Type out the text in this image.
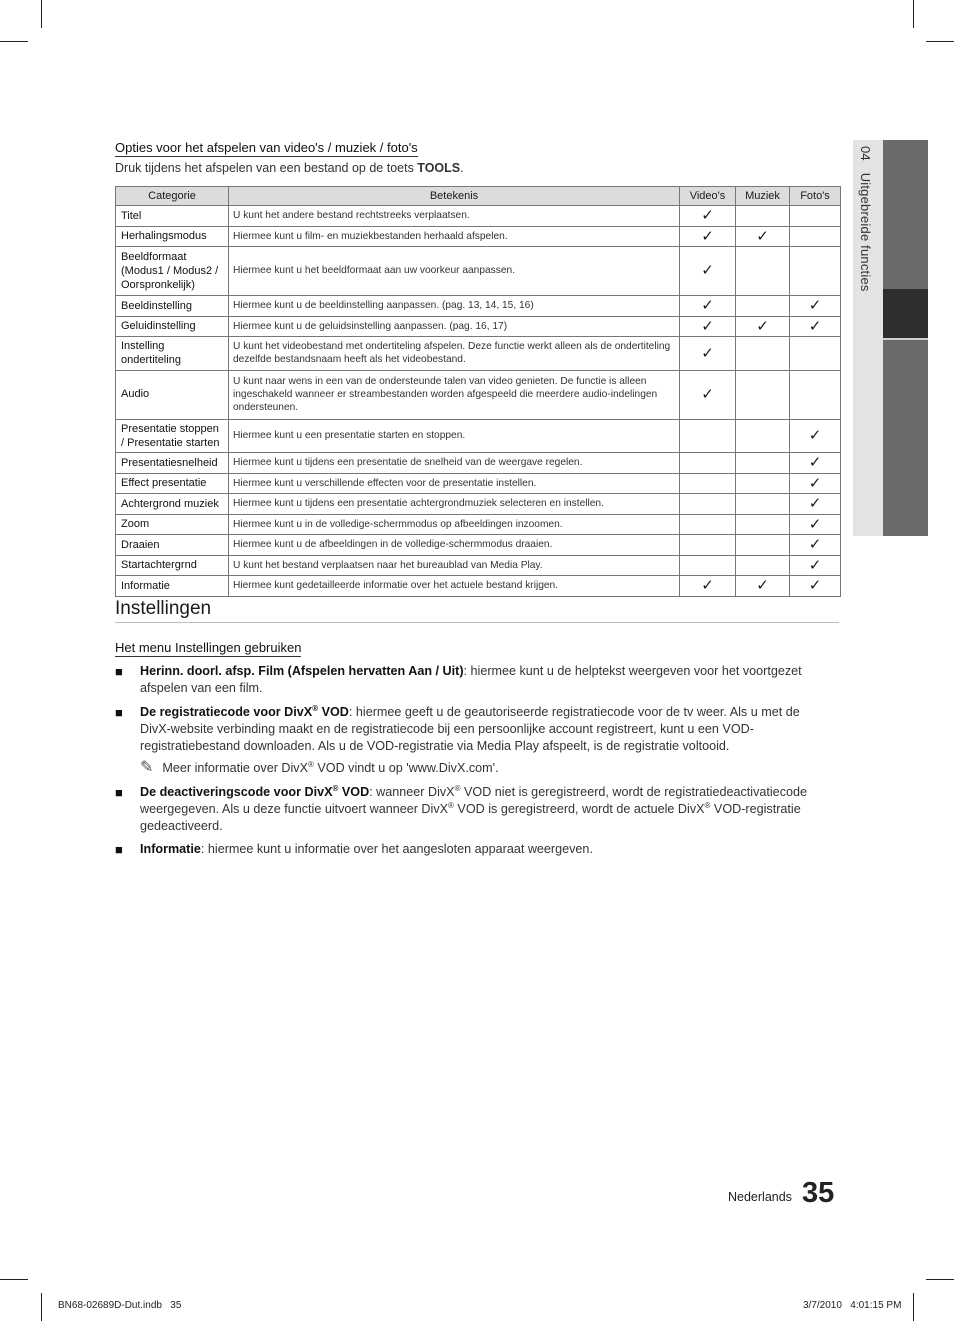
04 Uitgebreide functies
Opties voor het afspelen van video's / muziek / foto's
Druk tijdens het afspelen van een bestand op de toets TOOLS.
Categorie	Betekenis	Video's	Muziek	Foto's
Titel	U kunt het andere bestand rechtstreeks verplaatsen.	✓		
Herhalingsmodus	Hiermee kunt u film- en muziekbestanden herhaald afspelen.	✓	✓	
Beeldformaat (Modus1 / Modus2 / Oorspronkelijk)	Hiermee kunt u het beeldformaat aan uw voorkeur aanpassen.	✓		
Beeldinstelling	Hiermee kunt u de beeldinstelling aanpassen. (pag. 13, 14, 15, 16)	✓		✓
Geluidinstelling	Hiermee kunt u de geluidsinstelling aanpassen. (pag. 16, 17)	✓	✓	✓
Instelling ondertiteling	U kunt het videobestand met ondertiteling afspelen. Deze functie werkt alleen als de ondertiteling dezelfde bestandsnaam heeft als het videobestand.	✓		
Audio	U kunt naar wens in een van de ondersteunde talen van video genieten. De functie is alleen ingeschakeld wanneer er streambestanden worden afgespeeld die meerdere audio-indelingen ondersteunen.	✓		
Presentatie stoppen / Presentatie starten	Hiermee kunt u een presentatie starten en stoppen.			✓
Presentatiesnelheid	Hiermee kunt u tijdens een presentatie de snelheid van de weergave regelen.			✓
Effect presentatie	Hiermee kunt u verschillende effecten voor de presentatie instellen.			✓
Achtergrond muziek	Hiermee kunt u tijdens een presentatie achtergrondmuziek selecteren en instellen.			✓
Zoom	Hiermee kunt u in de volledige-schermmodus op afbeeldingen inzoomen.			✓
Draaien	Hiermee kunt u de afbeeldingen in de volledige-schermmodus draaien.			✓
Startachtergrnd	U kunt het bestand verplaatsen naar het bureaublad van Media Play.			✓
Informatie	Hiermee kunt gedetailleerde informatie over het actuele bestand krijgen.	✓	✓	✓
Instellingen
Het menu Instellingen gebruiken
■ Herinn. doorl. afsp. Film (Afspelen hervatten Aan / Uit): hiermee kunt u de helptekst weergeven voor het voortgezet afspelen van een film.
■ De registratiecode voor DivX® VOD: hiermee geeft u de geautoriseerde registratiecode voor de tv weer. Als u met de DivX-website verbinding maakt en de registratiecode bij een persoonlijke account registreert, kunt u een VOD-registratiebestand downloaden. Als u de VOD-registratie via Media Play afspeelt, is de registratie voltooid.
✎ Meer informatie over DivX® VOD vindt u op 'www.DivX.com'.
■ De deactiveringscode voor DivX® VOD: wanneer DivX® VOD niet is geregistreerd, wordt de registratiedeactivatiecode weergegeven. Als u deze functie uitvoert wanneer DivX® VOD is geregistreerd, wordt de actuele DivX® VOD-registratie gedeactiveerd.
■ Informatie: hiermee kunt u informatie over het aangesloten apparaat weergeven.
Nederlands 35
BN68-02689D-Dut.indb   35	3/7/2010   4:01:15 PM
